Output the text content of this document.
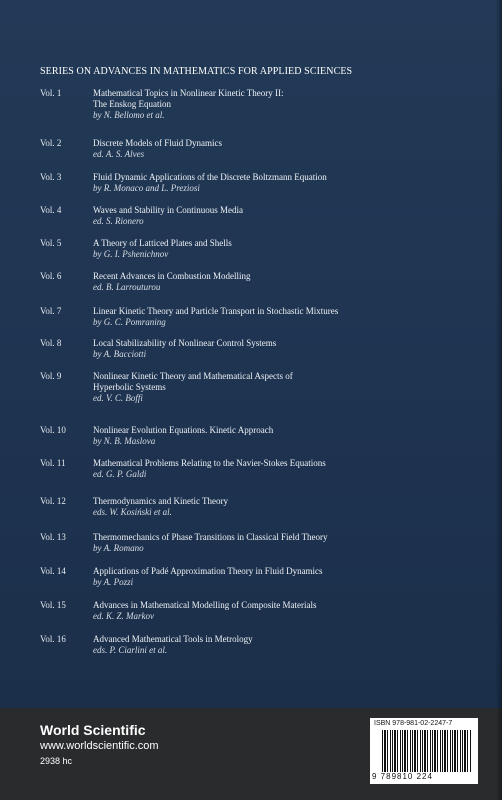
SERIES ON ADVANCES IN MATHEMATICS FOR APPLIED SCIENCES
Vol. 1	Mathematical Topics in Nonlinear Kinetic Theory II:
The Enskog Equation
by N. Bellomo et al.
Vol. 2	Discrete Models of Fluid Dynamics
ed. A. S. Alves
Vol. 3	Fluid Dynamic Applications of the Discrete Boltzmann Equation
by R. Monaco and L. Preziosi
Vol. 4	Waves and Stability in Continuous Media
ed. S. Rionero
Vol. 5	A Theory of Latticed Plates and Shells
by G. I. Pshenichnov
Vol. 6	Recent Advances in Combustion Modelling
ed. B. Larrouturou
Vol. 7	Linear Kinetic Theory and Particle Transport in Stochastic Mixtures
by G. C. Pomraning
Vol. 8	Local Stabilizability of Nonlinear Control Systems
by A. Bacciotti
Vol. 9	Nonlinear Kinetic Theory and Mathematical Aspects of
Hyperbolic Systems
ed. V. C. Boffi
Vol. 10	Nonlinear Evolution Equations. Kinetic Approach
by N. B. Maslova
Vol. 11	Mathematical Problems Relating to the Navier-Stokes Equations
ed. G. P. Galdi
Vol. 12	Thermodynamics and Kinetic Theory
eds. W. Kosiński et al.
Vol. 13	Thermomechanics of Phase Transitions in Classical Field Theory
by A. Romano
Vol. 14	Applications of Padé Approximation Theory in Fluid Dynamics
by A. Pozzi
Vol. 15	Advances in Mathematical Modelling of Composite Materials
ed. K. Z. Markov
Vol. 16	Advanced Mathematical Tools in Metrology
eds. P. Ciarlini et al.
World Scientific
www.worldscientific.com
2938 hc
ISBN 978-981-02-2247-7
9 789810 224
